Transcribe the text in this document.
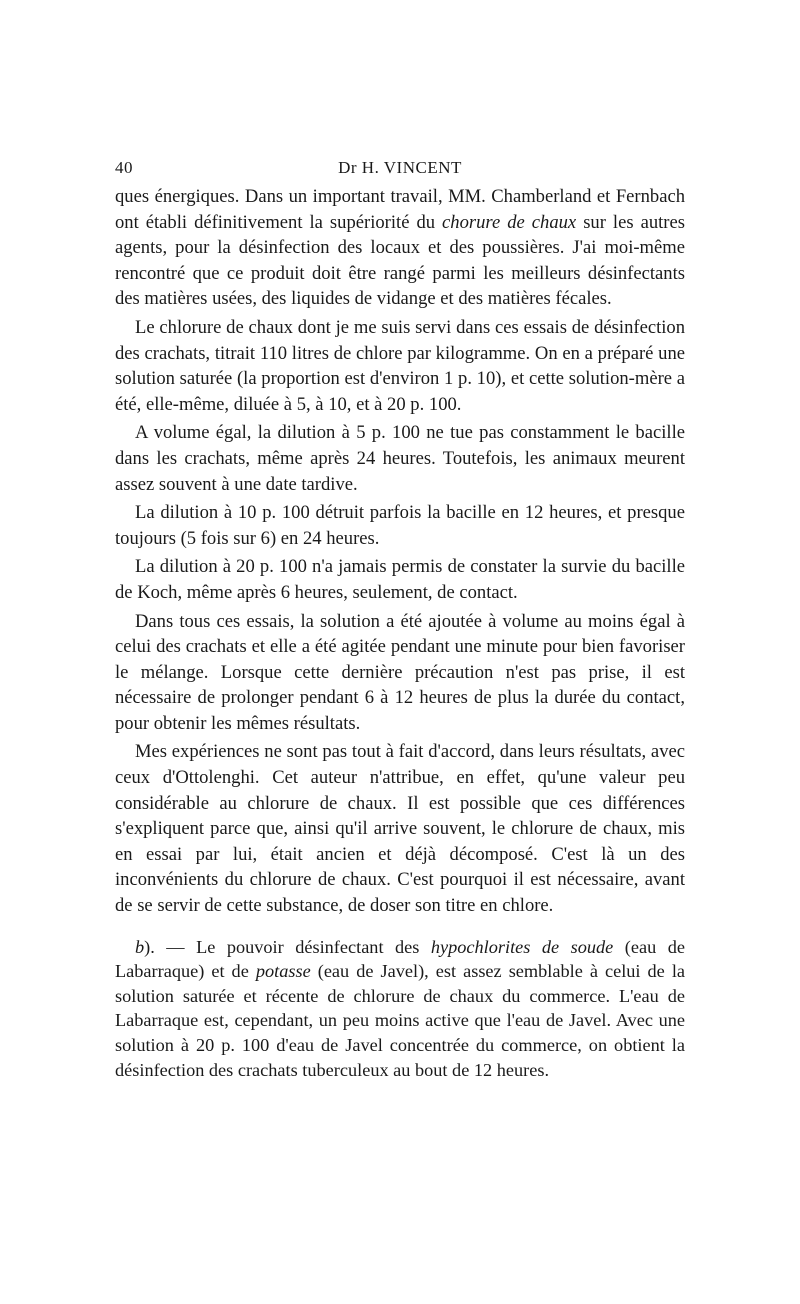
40	Dr H. VINCENT

ques énergiques. Dans un important travail, MM. Chamberland et Fernbach ont établi définitivement la supériorité du chorure de chaux sur les autres agents, pour la désinfection des locaux et des poussières. J'ai moi-même rencontré que ce produit doit être rangé parmi les meilleurs désinfectants des matières usées, des liquides de vidange et des matières fécales.

Le chlorure de chaux dont je me suis servi dans ces essais de désinfection des crachats, titrait 110 litres de chlore par kilogramme. On en a préparé une solution saturée (la proportion est d'environ 1 p. 10), et cette solution-mère a été, elle-même, diluée à 5, à 10, et à 20 p. 100.

A volume égal, la dilution à 5 p. 100 ne tue pas constamment le bacille dans les crachats, même après 24 heures. Toutefois, les animaux meurent assez souvent à une date tardive.

La dilution à 10 p. 100 détruit parfois la bacille en 12 heures, et presque toujours (5 fois sur 6) en 24 heures.

La dilution à 20 p. 100 n'a jamais permis de constater la survie du bacille de Koch, même après 6 heures, seulement, de contact.

Dans tous ces essais, la solution a été ajoutée à volume au moins égal à celui des crachats et elle a été agitée pendant une minute pour bien favoriser le mélange. Lorsque cette dernière précaution n'est pas prise, il est nécessaire de prolonger pendant 6 à 12 heures de plus la durée du contact, pour obtenir les mêmes résultats.

Mes expériences ne sont pas tout à fait d'accord, dans leurs résultats, avec ceux d'Ottolenghi. Cet auteur n'attribue, en effet, qu'une valeur peu considérable au chlorure de chaux. Il est possible que ces différences s'expliquent parce que, ainsi qu'il arrive souvent, le chlorure de chaux, mis en essai par lui, était ancien et déjà décomposé. C'est là un des inconvénients du chlorure de chaux. C'est pourquoi il est nécessaire, avant de se servir de cette substance, de doser son titre en chlore.

b). — Le pouvoir désinfectant des hypochlorites de soude (eau de Labarraque) et de potasse (eau de Javel), est assez semblable à celui de la solution saturée et récente de chlorure de chaux du commerce. L'eau de Labarraque est, cependant, un peu moins active que l'eau de Javel. Avec une solution à 20 p. 100 d'eau de Javel concentrée du commerce, on obtient la désinfection des crachats tuberculeux au bout de 12 heures.
